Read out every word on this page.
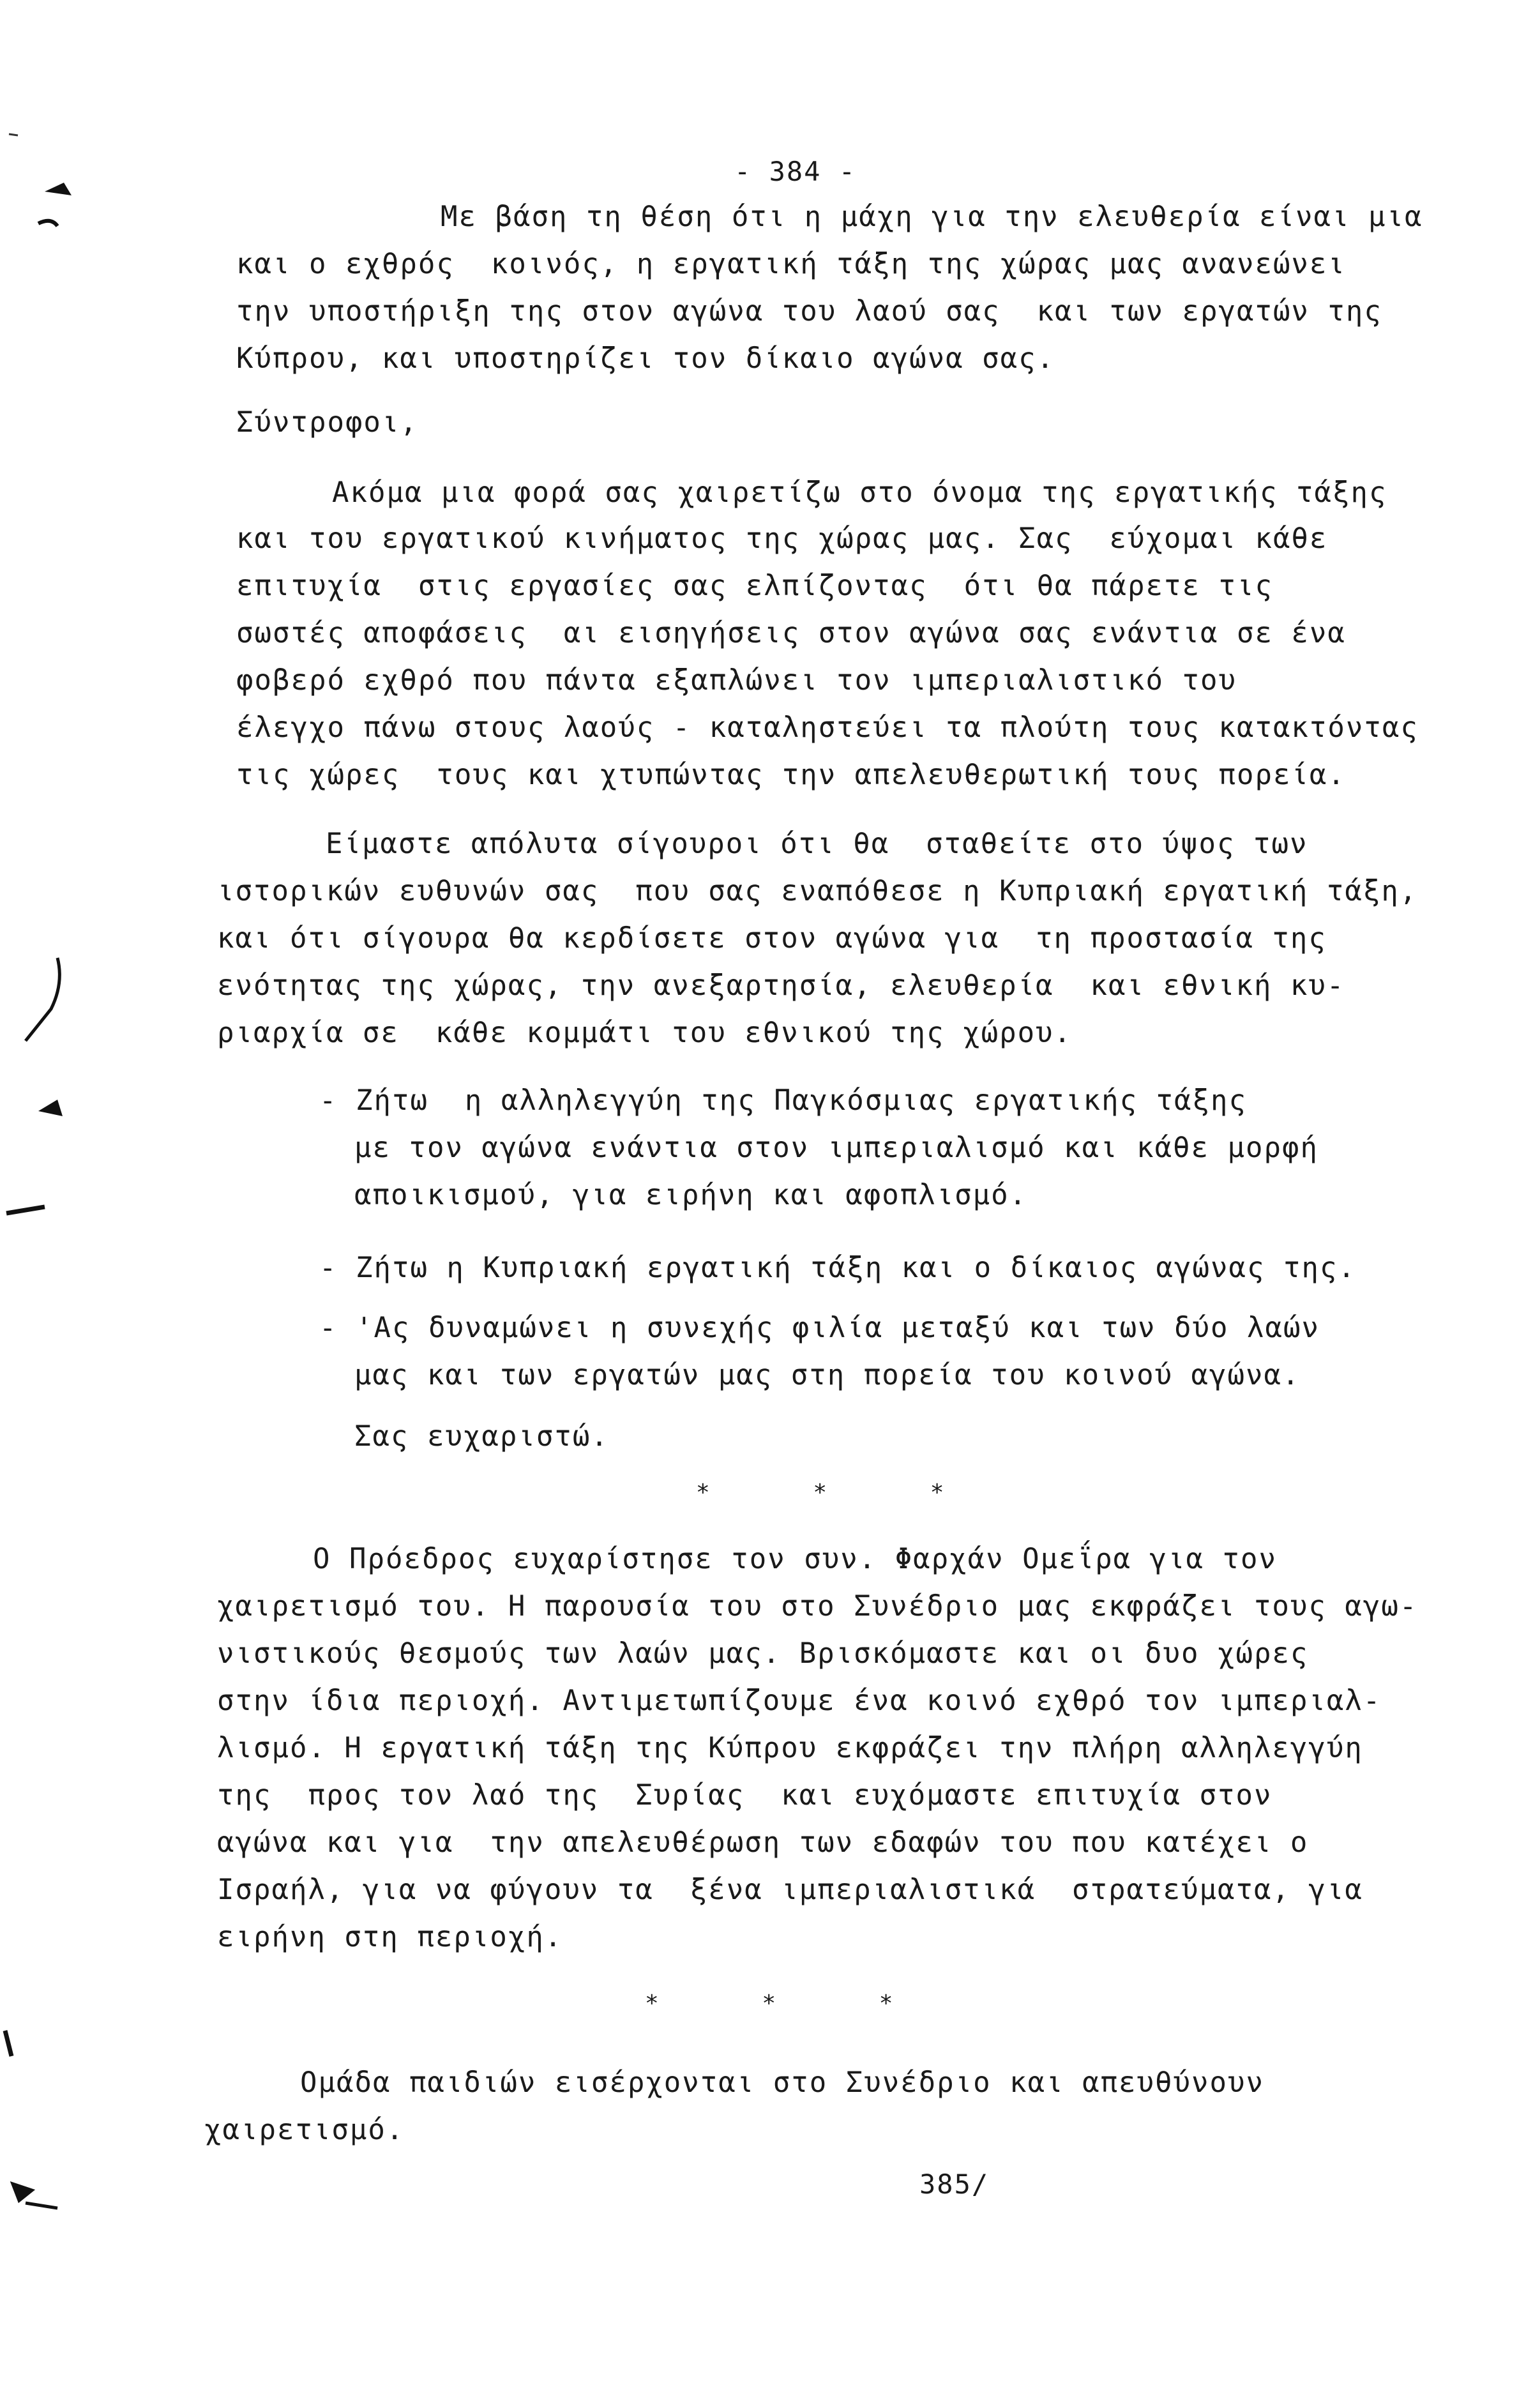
- 384 -
Με βάση τη θέση ότι η μάχη για την ελευθερία είναι μια
και ο εχθρός  κοινός, η εργατική τάξη της χώρας μας ανανεώνει
την υποστήριξη της στον αγώνα του λαού σας  και των εργατών της
Κύπρου, και υποστηρίζει τον δίκαιο αγώνα σας.
Σύντροφοι,
Ακόμα μια φορά σας χαιρετίζω στο όνομα της εργατικής τάξης
και του εργατικού κινήματος της χώρας μας. Σας  εύχομαι κάθε
επιτυχία  στις εργασίες σας ελπίζοντας  ότι θα πάρετε τις
σωστές αποφάσεις  αι εισηγήσεις στον αγώνα σας ενάντια σε ένα
φοβερό εχθρό που πάντα εξαπλώνει τον ιμπεριαλιστικό του
έλεγχο πάνω στους λαούς - καταληστεύει τα πλούτη τους κατακτόντας
τις χώρες  τους και χτυπώντας την απελευθερωτική τους πορεία.
Είμαστε απόλυτα σίγουροι ότι θα  σταθείτε στο ύψος των
ιστορικών ευθυνών σας  που σας εναπόθεσε η Κυπριακή εργατική τάξη,
και ότι σίγουρα θα κερδίσετε στον αγώνα για  τη προστασία της
ενότητας της χώρας, την ανεξαρτησία, ελευθερία  και εθνική κυ-
ριαρχία σε  κάθε κομμάτι του εθνικού της χώρου.
- Ζήτω  η αλληλεγγύη της Παγκόσμιας εργατικής τάξης
με τον αγώνα ενάντια στον ιμπεριαλισμό και κάθε μορφή
αποικισμού, για ειρήνη και αφοπλισμό.
- Ζήτω η Κυπριακή εργατική τάξη και ο δίκαιος αγώνας της.
- 'Ας δυναμώνει η συνεχής φιλία μεταξύ και των δύο λαών
μας και των εργατών μας στη πορεία του κοινού αγώνα.
Σας ευχαριστώ.
* * *
Ο Πρόεδρος ευχαρίστησε τον συν. Φαρχάν Ομεΐρα για τον
χαιρετισμό του. Η παρουσία του στο Συνέδριο μας εκφράζει τους αγω-
νιστικούς θεσμούς των λαών μας. Βρισκόμαστε και οι δυο χώρες
στην ίδια περιοχή. Αντιμετωπίζουμε ένα κοινό εχθρό τον ιμπεριαλ-
λισμό. Η εργατική τάξη της Κύπρου εκφράζει την πλήρη αλληλεγγύη
της  προς τον λαό της  Συρίας  και ευχόμαστε επιτυχία στον
αγώνα και για  την απελευθέρωση των εδαφών του που κατέχει ο
Ισραήλ, για να φύγουν τα  ξένα ιμπεριαλιστικά  στρατεύματα, για
ειρήνη στη περιοχή.
* * *
Ομάδα παιδιών εισέρχονται στο Συνέδριο και απευθύνουν
χαιρετισμό.
385/
